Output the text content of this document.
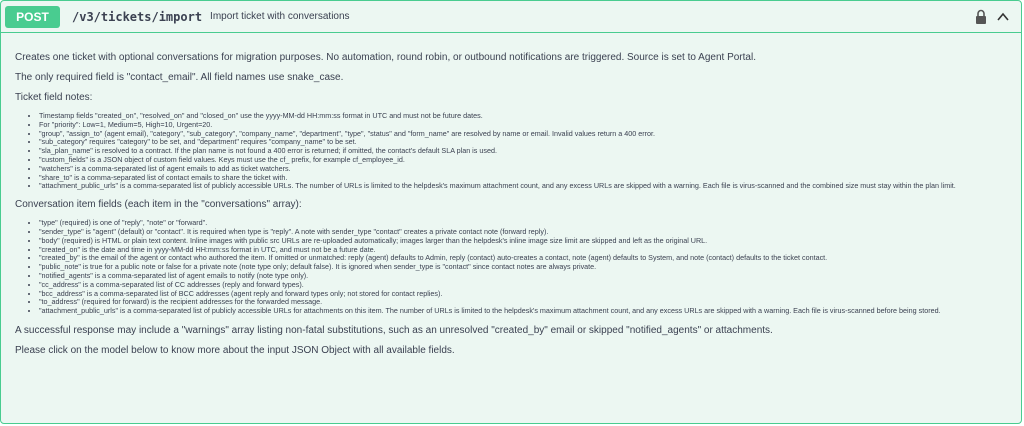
POST	/v3/tickets/import Import ticket with conversations

Creates one ticket with optional conversations for migration purposes. No automation, round robin, or outbound notifications are triggered. Source is set to Agent Portal.

The only required field is "contact_email". All field names use snake_case.

Ticket field notes:

• Timestamp fields "created_on", "resolved_on" and "closed_on" use the yyyy-MM-dd HH:mm:ss format in UTC and must not be future dates.
• For "priority": Low=1, Medium=5, High=10, Urgent=20.
• "group", "assign_to" (agent email), "category", "sub_category", "company_name", "department", "type", "status" and "form_name" are resolved by name or email. Invalid values return a 400 error.
• "sub_category" requires "category" to be set, and "department" requires "company_name" to be set.
• "sla_plan_name" is resolved to a contract. If the plan name is not found a 400 error is returned; if omitted, the contact's default SLA plan is used.
• "custom_fields" is a JSON object of custom field values. Keys must use the cf_ prefix, for example cf_employee_id.
• "watchers" is a comma-separated list of agent emails to add as ticket watchers.
• "share_to" is a comma-separated list of contact emails to share the ticket with.
• "attachment_public_urls" is a comma-separated list of publicly accessible URLs. The number of URLs is limited to the helpdesk's maximum attachment count, and any excess URLs are skipped with a warning. Each file is virus-scanned and the combined size must stay within the plan limit.

Conversation item fields (each item in the "conversations" array):

• "type" (required) is one of "reply", "note" or "forward".
• "sender_type" is "agent" (default) or "contact". It is required when type is "reply". A note with sender_type "contact" creates a private contact note (forward reply).
• "body" (required) is HTML or plain text content. Inline images with public src URLs are re-uploaded automatically; images larger than the helpdesk's inline image size limit are skipped and left as the original URL.
• "created_on" is the date and time in yyyy-MM-dd HH:mm:ss format in UTC, and must not be a future date.
• "created_by" is the email of the agent or contact who authored the item. If omitted or unmatched: reply (agent) defaults to Admin, reply (contact) auto-creates a contact, note (agent) defaults to System, and note (contact) defaults to the ticket contact.
• "public_note" is true for a public note or false for a private note (note type only; default false). It is ignored when sender_type is "contact" since contact notes are always private.
• "notified_agents" is a comma-separated list of agent emails to notify (note type only).
• "cc_address" is a comma-separated list of CC addresses (reply and forward types).
• "bcc_address" is a comma-separated list of BCC addresses (agent reply and forward types only; not stored for contact replies).
• "to_address" (required for forward) is the recipient addresses for the forwarded message.
• "attachment_public_urls" is a comma-separated list of publicly accessible URLs for attachments on this item. The number of URLs is limited to the helpdesk's maximum attachment count, and any excess URLs are skipped with a warning. Each file is virus-scanned before being stored.

A successful response may include a "warnings" array listing non-fatal substitutions, such as an unresolved "created_by" email or skipped "notified_agents" or attachments.

Please click on the model below to know more about the input JSON Object with all available fields.
